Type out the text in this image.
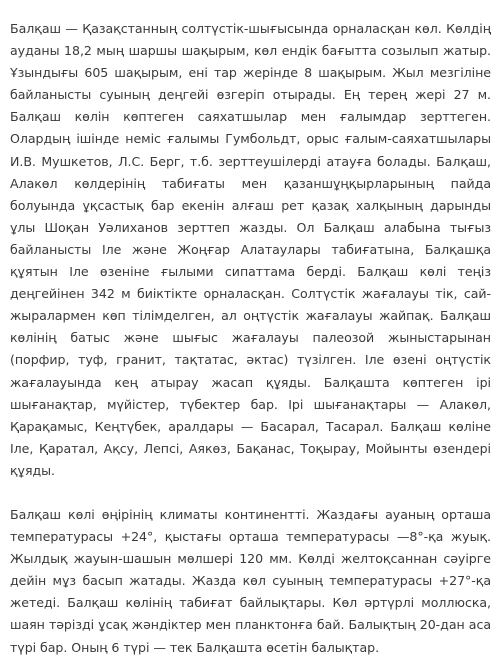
Балқаш — Қазақстанның солтүстік-шығысында орналасқан көл. Көлдің ауданы 18,2 мың шаршы шақырым, көл ендік бағытта созылып жатыр. Ұзындығы 605 шақырым, ені тар жерінде 8 шақырым. Жыл мезгіліне байланысты суының деңгейі өзгеріп отырады. Ең терең жері 27 м. Балқаш көлін көптеген саяхатшылар мен ғалымдар зерттеген. Олардың ішінде неміс ғалымы Гумбольдт, орыс ғалым-саяхатшылары И.В. Мушкетов, Л.С. Берг, т.б. зерттеушілерді атауға болады. Балқаш, Алакөл көлдерінің табиғаты мен қазаншұңқырларының пайда болуында ұқсастық бар екенін алғаш рет қазақ халқының дарынды ұлы Шоқан Уәлиханов зерттеп жазды. Ол Балқаш алабына тығыз байланысты Іле және Жоңғар Алатаулары табиғатына, Балқашқа құятын Іле өзеніне ғылыми сипаттама берді. Балқаш көлі теңіз деңгейінен 342 м биіктікте орналасқан. Солтүстік жағалауы тік, сай-жыралармен көп тілімделген, ал оңтүстік жағалауы жайпақ. Балқаш көлінің батыс және шығыс жағалауы палеозой жыныстарынан (порфир, туф, гранит, тақтатас, әктас) түзілген. Іле өзені оңтүстік жағалауында кең атырау жасап құяды. Балқашта көптеген ірі шығанақтар, мүйістер, түбектер бар. Ірі шығанақтары — Алакөл, Қарақамыс, Кеңтүбек, аралдары — Басарал, Тасарал. Балқаш көліне Іле, Қаратал, Ақсу, Лепсі, Аякөз, Бақанас, Тоқырау, Мойынты өзендері құяды.

Балқаш көлі өңірінің климаты континентті. Жаздағы ауаның орташа температурасы +24°, қыстағы орташа температурасы —8°-қа жуық. Жылдық жауын-шашын мөлшері 120 мм. Көлді желтоқсаннан сәуірге дейін мұз басып жатады. Жазда көл суының температурасы +27°-қа жетеді. Балқаш көлінің табиғат байлықтары. Көл әртүрлі моллюска, шаян тәрізді ұсақ жәндіктер мен планктонға бай. Балықтың 20-дан аса түрі бар. Оның 6 түрі — тек Балқашта өсетін балықтар.
